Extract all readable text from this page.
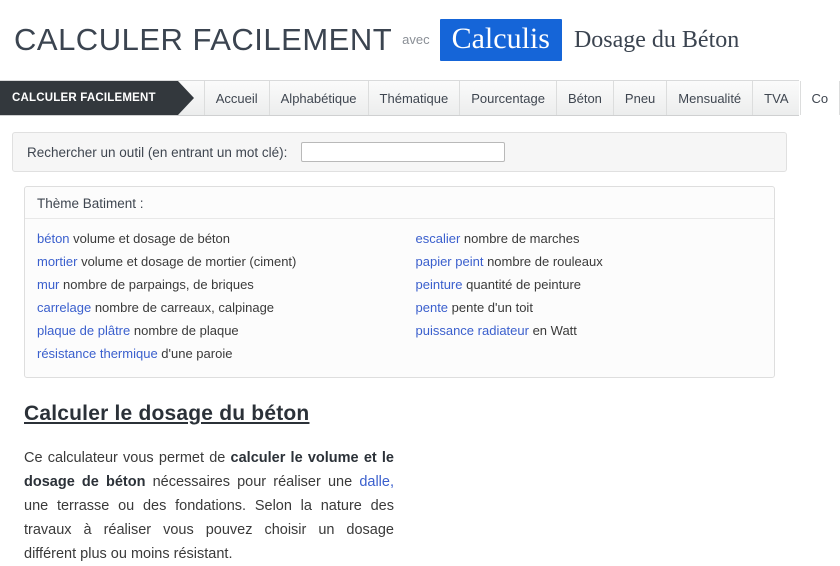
CALCULER FACILEMENT avec Calculis	Dosage du Béton
CALCULER FACILEMENT	Accueil	Alphabétique	Thématique	Pourcentage	Béton	Pneu	Mensualité	TVA	Co
Rechercher un outil (en entrant un mot clé):
Thème Batiment :
béton volume et dosage de béton
mortier volume et dosage de mortier (ciment)
mur nombre de parpaings, de briques
carrelage nombre de carreaux, calpinage
plaque de plâtre nombre de plaque
résistance thermique d'une paroie
escalier nombre de marches
papier peint nombre de rouleaux
peinture quantité de peinture
pente pente d'un toit
puissance radiateur en Watt
Calculer le dosage du béton

Ce calculateur vous permet de calculer le volume et le dosage de béton nécessaires pour réaliser une dalle, une terrasse ou des fondations. Selon la nature des travaux à réaliser vous pouvez choisir un dosage différent plus ou moins résistant.
